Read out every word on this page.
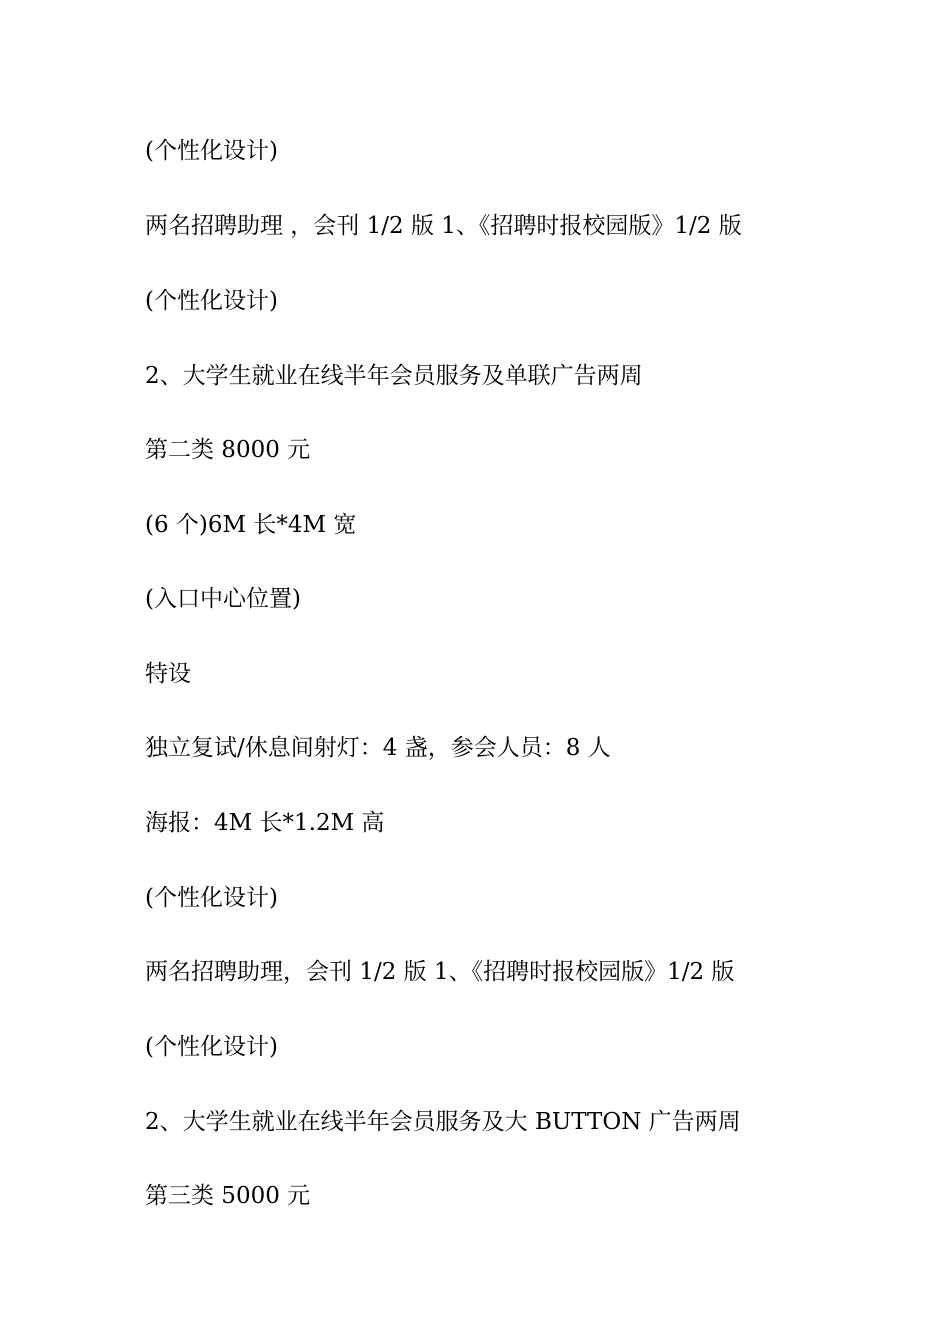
(个性化设计)

两名招聘助理 ，会刊 1/2 版 1、《招聘时报校园版》1/2 版

(个性化设计)

2、大学生就业在线半年会员服务及单联广告两周

第二类 8000 元

(6 个)6M 长*4M 宽

(入口中心位置)

特设

独立复试/休息间射灯：4 盏，参会人员：8 人

海报：4M 长*1.2M 高

(个性化设计)

两名招聘助理，会刊 1/2 版 1、《招聘时报校园版》1/2 版

(个性化设计)

2、大学生就业在线半年会员服务及大 BUTTON 广告两周

第三类 5000 元
